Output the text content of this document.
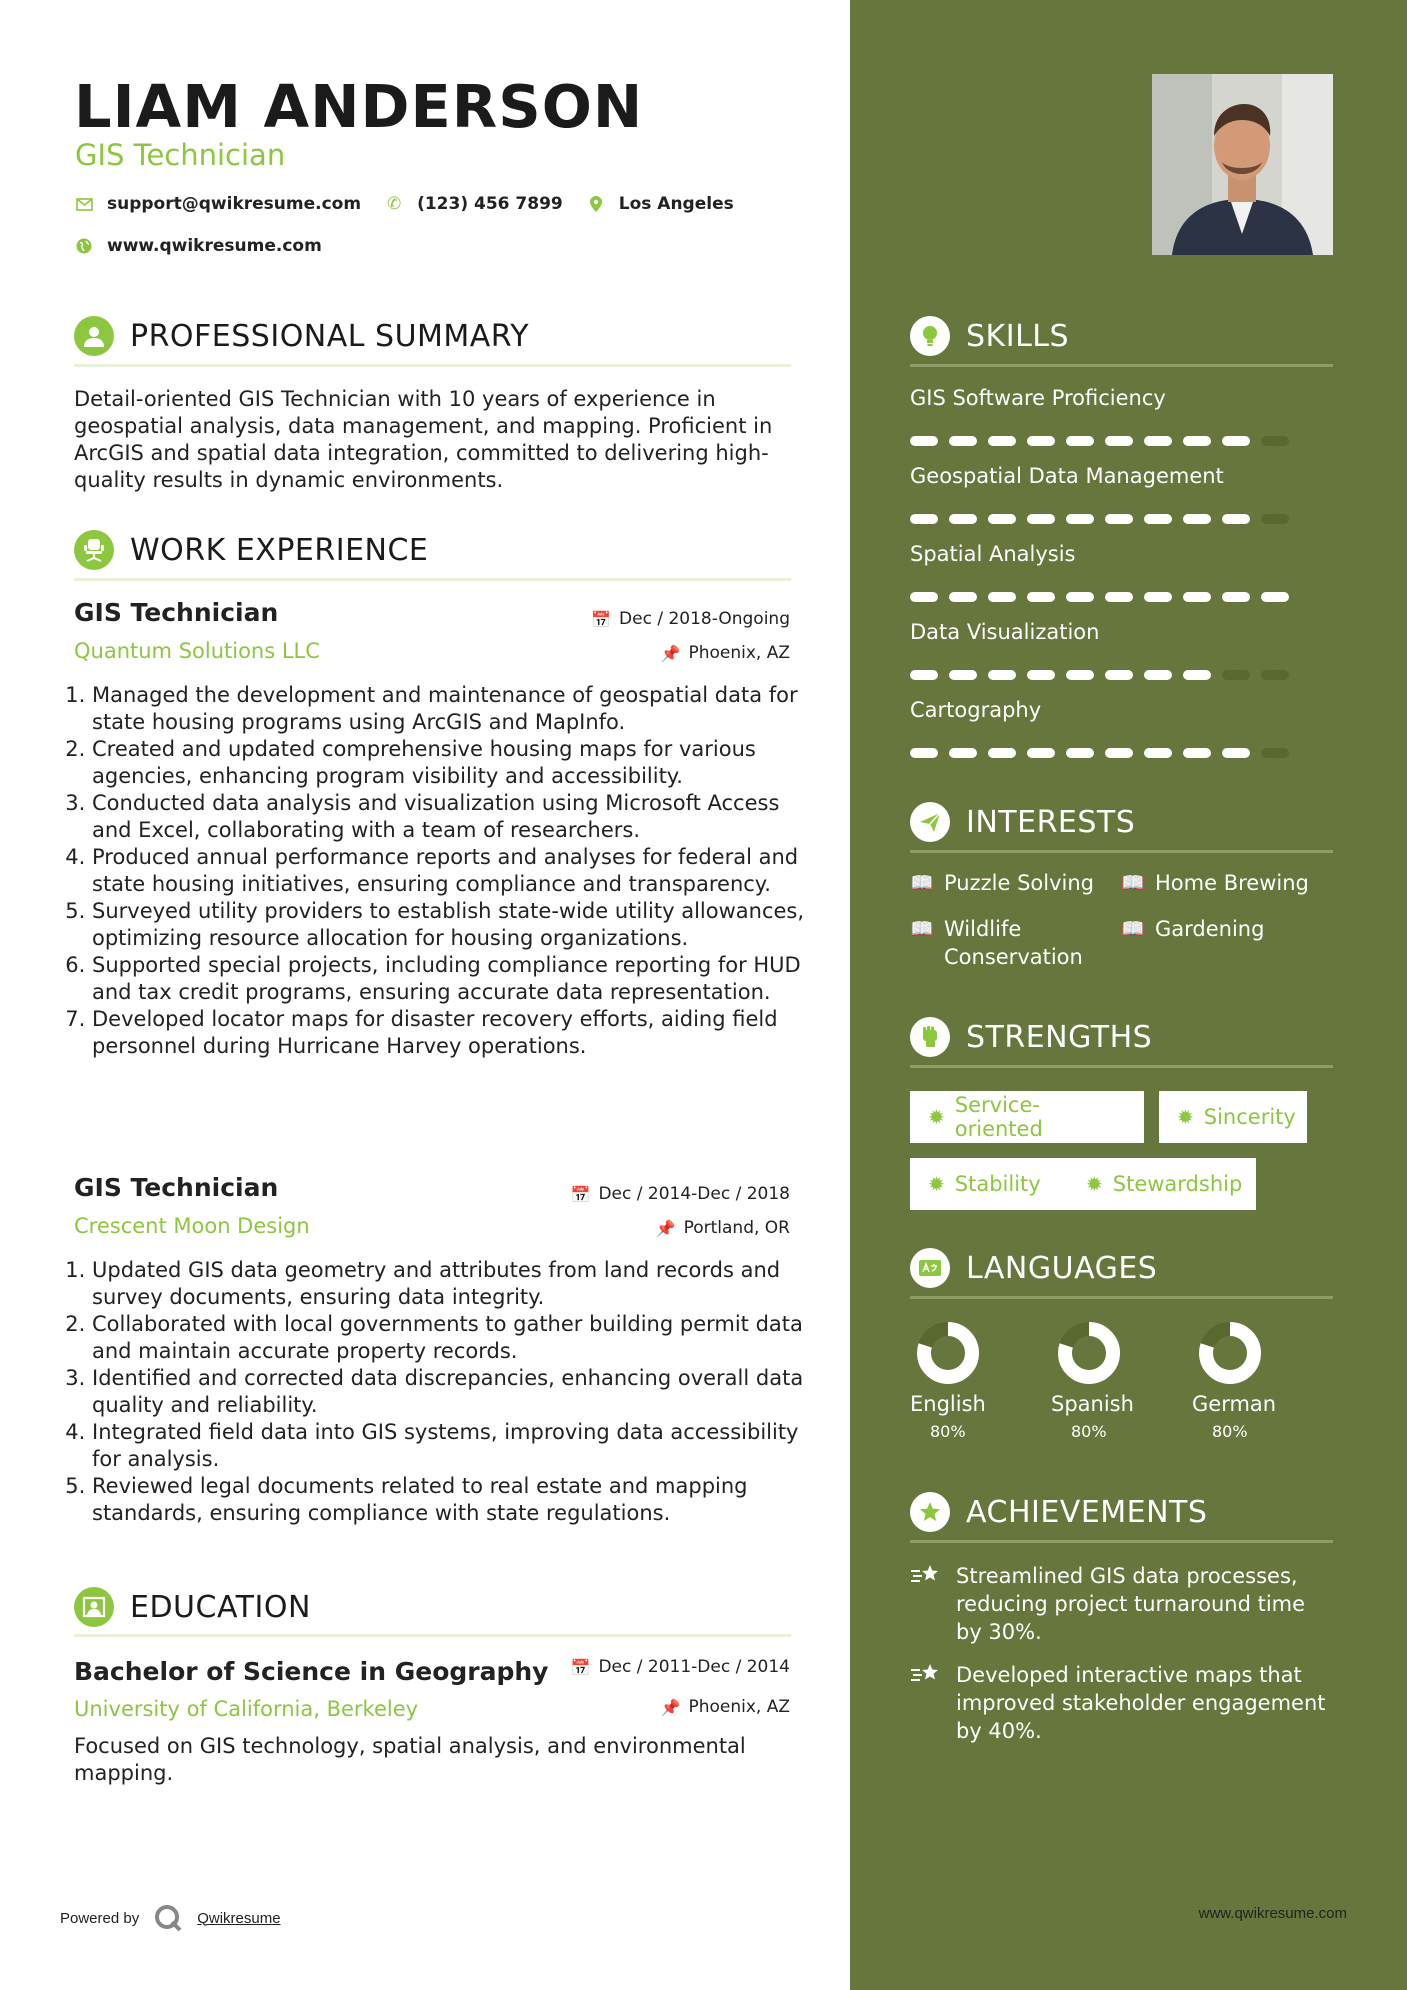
LIAM ANDERSON
GIS Technician
support@qwikresume.com ✆ (123) 456 7899	Los Angeles
www.qwikresume.com
PROFESSIONAL SUMMARY
Detail-oriented GIS Technician with 10 years of experience in
geospatial analysis, data management, and mapping. Proficient in
ArcGIS and spatial data integration, committed to delivering high-
quality results in dynamic environments.
WORK EXPERIENCE
GIS Technician	📅 Dec / 2018-Ongoing
Quantum Solutions LLC	📌 Phoenix, AZ
1. Managed the development and maintenance of geospatial data for state housing programs using ArcGIS and MapInfo.
2. Created and updated comprehensive housing maps for various agencies, enhancing program visibility and accessibility.
3. Conducted data analysis and visualization using Microsoft Access and Excel, collaborating with a team of researchers.
4. Produced annual performance reports and analyses for federal and state housing initiatives, ensuring compliance and transparency.
5. Surveyed utility providers to establish state-wide utility allowances, optimizing resource allocation for housing organizations.
6. Supported special projects, including compliance reporting for HUD and tax credit programs, ensuring accurate data representation.
7. Developed locator maps for disaster recovery efforts, aiding field personnel during Hurricane Harvey operations.
GIS Technician	📅 Dec / 2014-Dec / 2018
Crescent Moon Design	📌 Portland, OR
1. Updated GIS data geometry and attributes from land records and survey documents, ensuring data integrity.
2. Collaborated with local governments to gather building permit data and maintain accurate property records.
3. Identified and corrected data discrepancies, enhancing overall data quality and reliability.
4. Integrated field data into GIS systems, improving data accessibility for analysis.
5. Reviewed legal documents related to real estate and mapping standards, ensuring compliance with state regulations.
EDUCATION
Bachelor of Science in Geography 📅 Dec / 2011-Dec / 2014
University of California, Berkeley	📌 Phoenix, AZ
Focused on GIS technology, spatial analysis, and environmental
mapping.
Powered by	Qwikresume
SKILLS
GIS Software Proficiency
Geospatial Data Management
Spatial Analysis
Data Visualization
Cartography
INTERESTS
📖 Puzzle Solving 📖 Home Brewing
📖 Wildlife Conservation
📖 Gardening
STRENGTHS
✹ Service-oriented	✹ Sincerity
✹ Stability ✹ Stewardship
LANGUAGES
English
80%
Spanish
80%
German
80%
ACHIEVEMENTS
Streamlined GIS data processes,
reducing project turnaround time
by 30%.
Developed interactive maps that
improved stakeholder engagement
by 40%.
www.qwikresume.com
